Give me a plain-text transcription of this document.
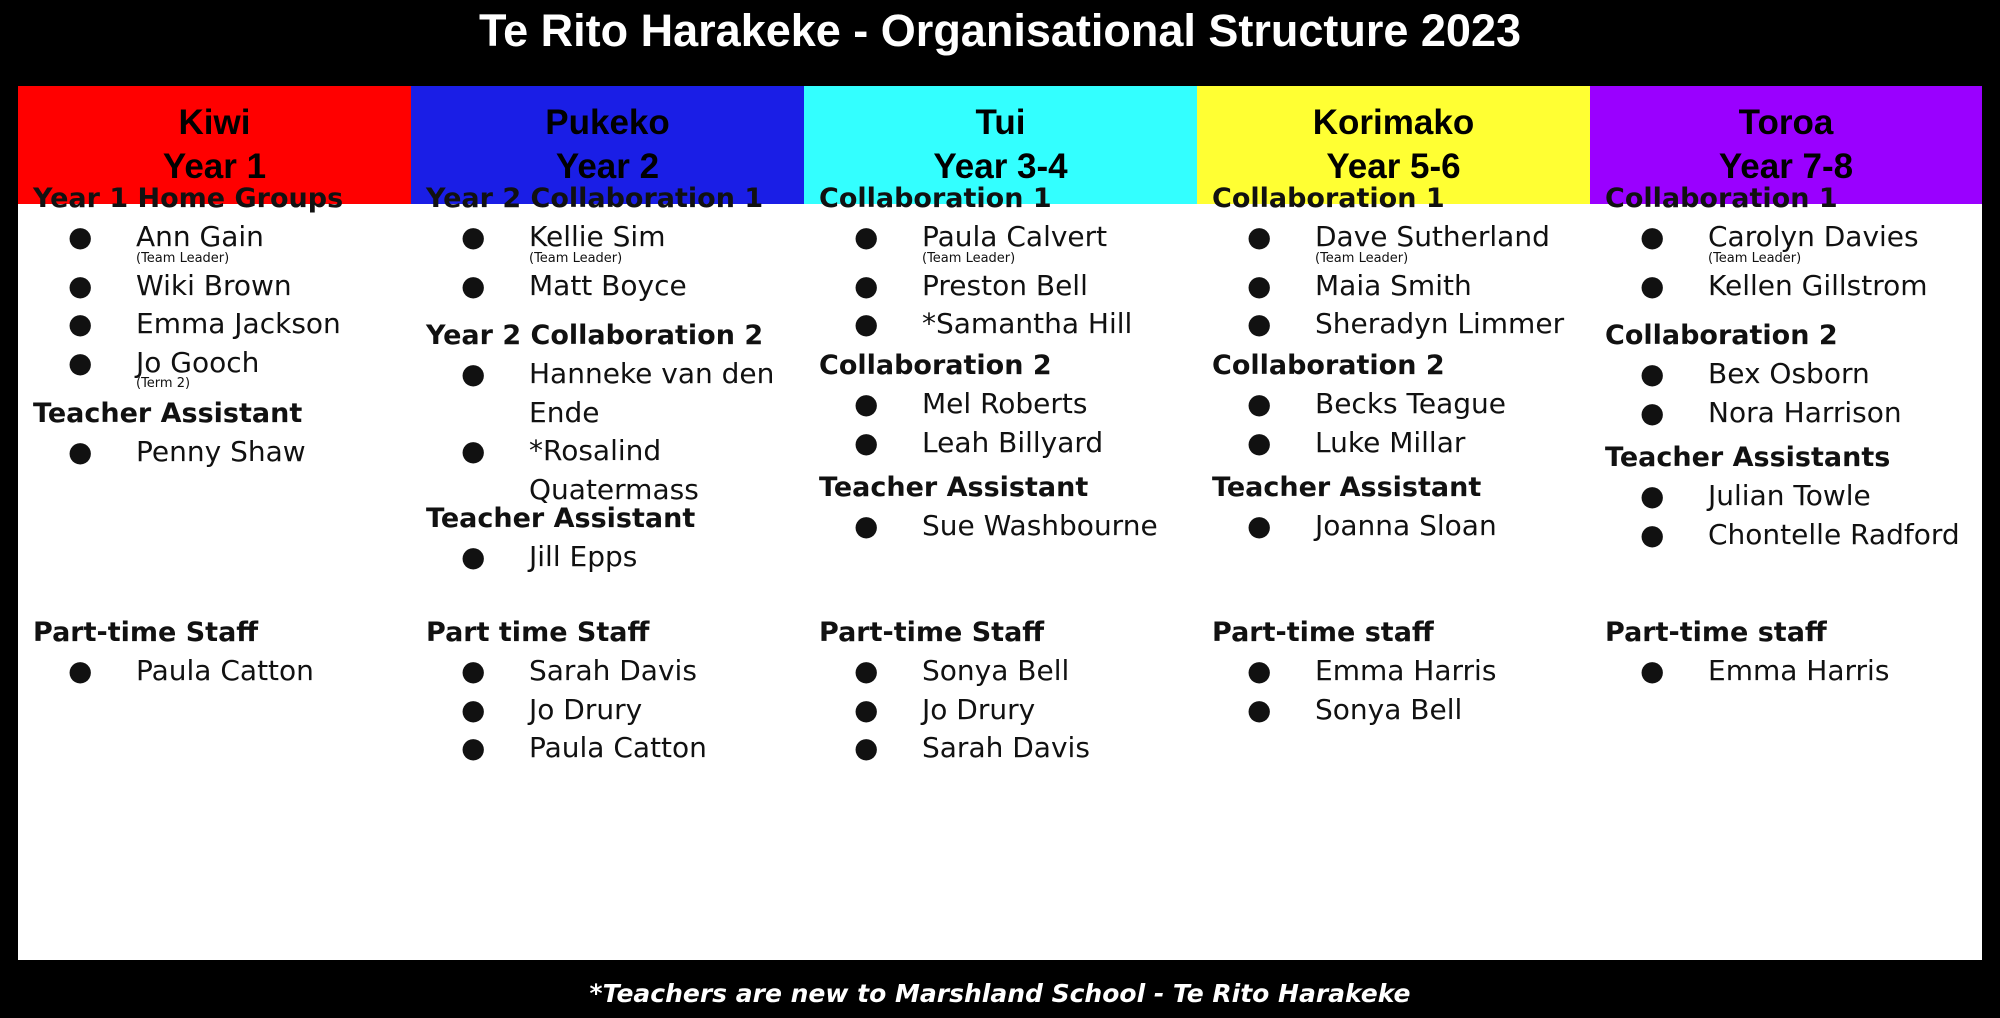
Te Rito Harakeke - Organisational Structure 2023
Kiwi
Year 1
Year 1 Home Groups
● Ann Gain
(Team Leader)
● Wiki Brown
● Emma Jackson
● Jo Gooch
(Term 2)
Teacher Assistant
● Penny Shaw
Part-time Staff
● Paula Catton
Pukeko
Year 2
Year 2 Collaboration 1
● Kellie Sim
(Team Leader)
● Matt Boyce
Year 2 Collaboration 2
● Hanneke van den Ende
● *Rosalind Quatermass
Teacher Assistant
● Jill Epps
Part time Staff
● Sarah Davis
● Jo Drury
● Paula Catton
Tui
Year 3-4
Collaboration 1
● Paula Calvert
(Team Leader)
● Preston Bell
● *Samantha Hill
Collaboration 2
● Mel Roberts
● Leah Billyard
Teacher Assistant
● Sue Washbourne
Part-time Staff
● Sonya Bell
● Jo Drury
● Sarah Davis
Korimako
Year 5-6
Collaboration 1
● Dave Sutherland
(Team Leader)
● Maia Smith
● Sheradyn Limmer
Collaboration 2
● Becks Teague
● Luke Millar
Teacher Assistant
● Joanna Sloan
Part-time staff
● Emma Harris
● Sonya Bell
Toroa
Year 7-8
Collaboration 1
● Carolyn Davies
(Team Leader)
● Kellen Gillstrom
Collaboration 2
● Bex Osborn
● Nora Harrison
Teacher Assistants
● Julian Towle
● Chontelle Radford
Part-time staff
● Emma Harris
*Teachers are new to Marshland School - Te Rito Harakeke
